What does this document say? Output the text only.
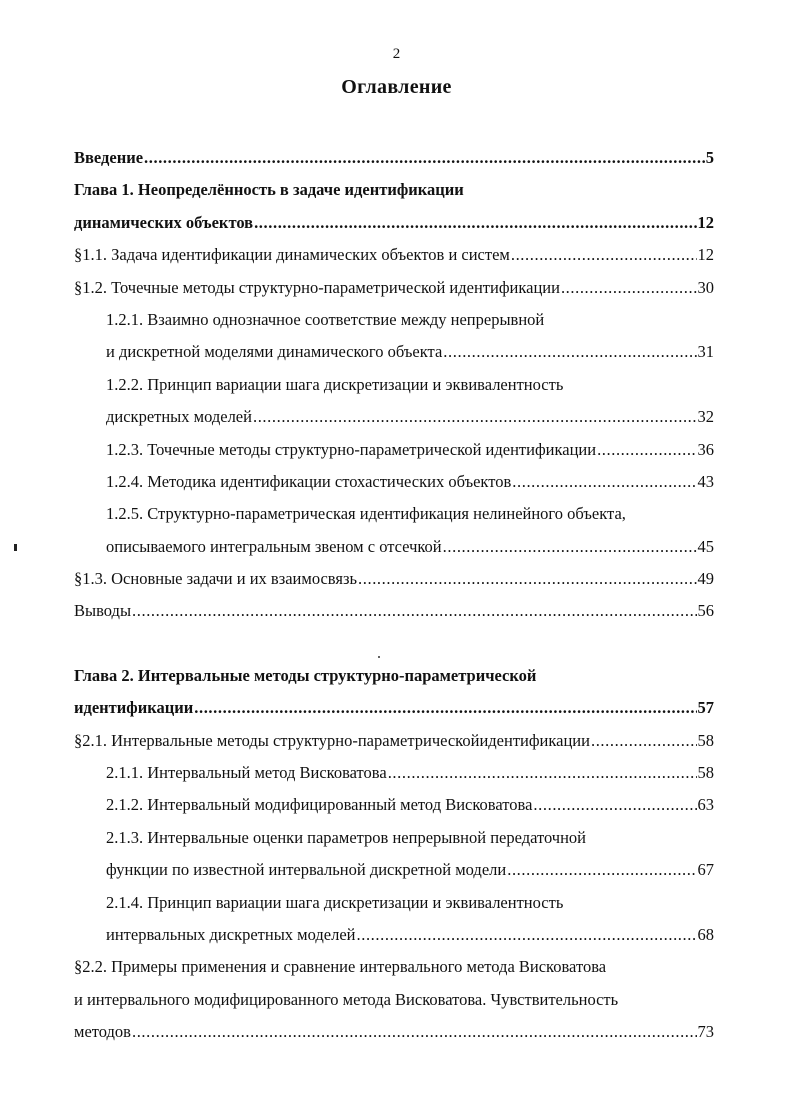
2
Оглавление
Введение .....	5
Глава 1. Неопределённость в задаче идентификации
динамических объектов .....	12
§1.1. Задача идентификации динамических объектов и систем .....	12
§1.2. Точечные методы структурно-параметрической идентификации .....	30
1.2.1. Взаимно однозначное соответствие между непрерывной
и дискретной моделями динамического объекта .....	31
1.2.2. Принцип вариации шага дискретизации и эквивалентность
дискретных моделей .....	32
1.2.3. Точечные методы структурно-параметрической идентификации .....	36
1.2.4. Методика идентификации стохастических объектов .....	43
1.2.5. Структурно-параметрическая идентификация нелинейного объекта,
описываемого интегральным звеном с отсечкой .....	45
§1.3. Основные задачи и их взаимосвязь .....	49
Выводы .....	56
Глава 2. Интервальные методы структурно-параметрической
идентификации .....	57
§2.1. Интервальные методы структурно-параметрическойидентификации .....	58
2.1.1. Интервальный метод Висковатова .....	58
2.1.2. Интервальный модифицированный метод Висковатова .....	63
2.1.3. Интервальные оценки параметров непрерывной передаточной
функции по известной интервальной дискретной модели .....	67
2.1.4. Принцип вариации шага дискретизации и эквивалентность
интервальных дискретных моделей .....	68
§2.2. Примеры применения и сравнение интервального метода Висковатова
и интервального модифицированного метода Висковатова. Чувствительность
методов .....	73
